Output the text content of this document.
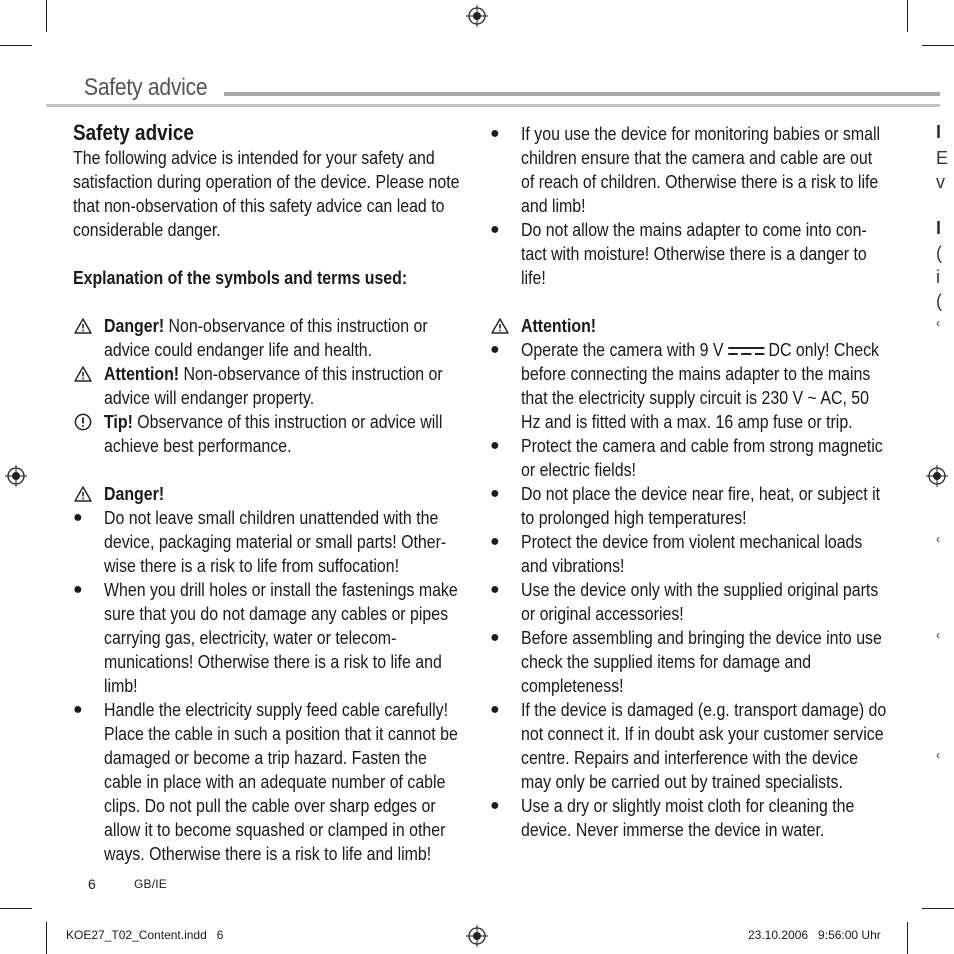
Safety advice
Safety advice
The following advice is intended for your safety and satisfaction during operation of the device. Please note that non-observation of this safety advice can lead to considerable danger.
Explanation of the symbols and terms used:
Danger! Non-observance of this instruction or advice could endanger life and health.
Attention! Non-observance of this instruction or advice will endanger property.
Tip! Observance of this instruction or advice will achieve best performance.
Danger!
● Do not leave small children unattended with the device, packaging material or small parts! Other-wise there is a risk to life from suffocation!
● When you drill holes or install the fastenings make sure that you do not damage any cables or pipes carrying gas, electricity, water or telecom-munications! Otherwise there is a risk to life and limb!
● Handle the electricity supply feed cable carefully! Place the cable in such a position that it cannot be damaged or become a trip hazard. Fasten the cable in place with an adequate number of cable clips. Do not pull the cable over sharp edges or allow it to become squashed or clamped in other ways. Otherwise there is a risk to life and limb!
● If you use the device for monitoring babies or small children ensure that the camera and cable are out of reach of children. Otherwise there is a risk to life and limb!
● Do not allow the mains adapter to come into con-tact with moisture! Otherwise there is a danger to life!
Attention!
● Operate the camera with 9 V  DC only! Check before connecting the mains adapter to the mains that the electricity supply circuit is 230 V ~ AC, 50 Hz and is fitted with a max. 16 amp fuse or trip.
● Protect the camera and cable from strong magnetic or electric fields!
● Do not place the device near fire, heat, or subject it to prolonged high temperatures!
● Protect the device from violent mechanical loads and vibrations!
● Use the device only with the supplied original parts or original accessories!
● Before assembling and bringing the device into use check the supplied items for damage and completeness!
● If the device is damaged (e.g. transport damage) do not connect it. If in doubt ask your customer service centre. Repairs and interference with the device may only be carried out by trained specialists.
● Use a dry or slightly moist cloth for cleaning the device. Never immerse the device in water.
I
E
v
I
(
i
(
‹
‹
‹
‹
6	GB/IE
KOE27_T02_Content.indd   6	23.10.2006   9:56:00 Uhr
